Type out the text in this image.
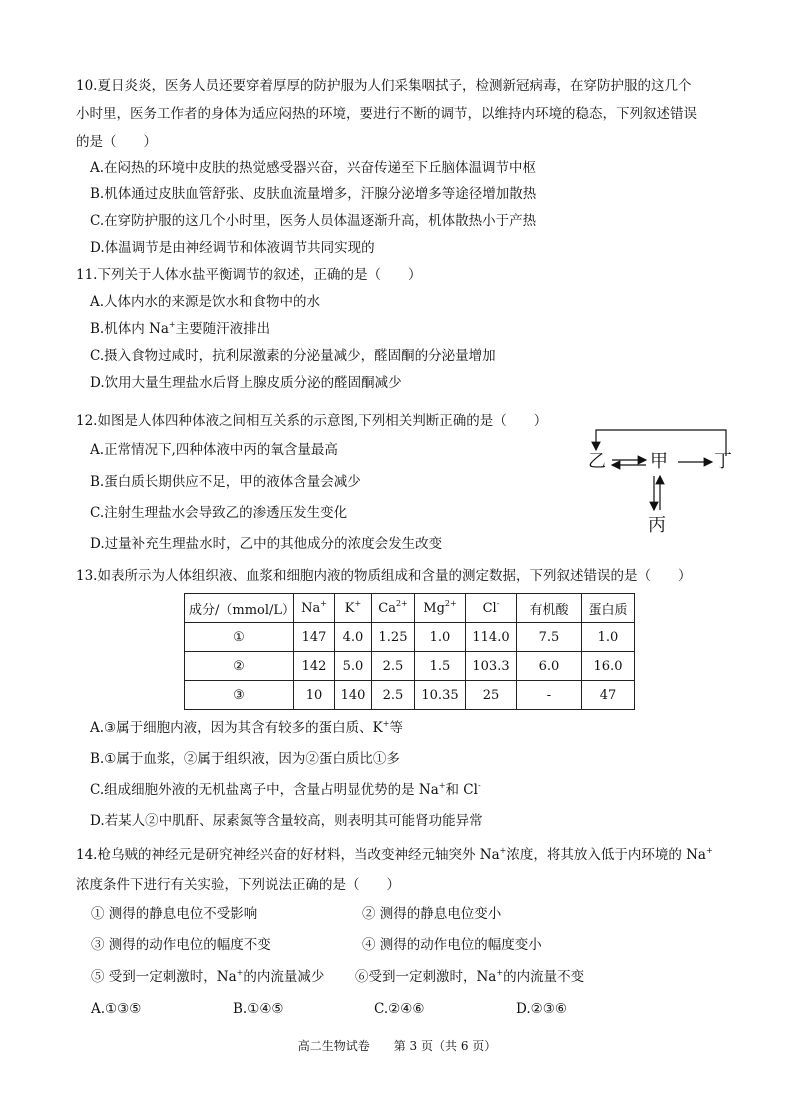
10.夏日炎炎，医务人员还要穿着厚厚的防护服为人们采集咽拭子，检测新冠病毒，在穿防护服的这几个
小时里，医务工作者的身体为适应闷热的环境，要进行不断的调节，以维持内环境的稳态，下列叙述错误
的是（　　）
A.在闷热的环境中皮肤的热觉感受器兴奋，兴奋传递至下丘脑体温调节中枢
B.机体通过皮肤血管舒张、皮肤血流量增多，汗腺分泌增多等途径增加散热
C.在穿防护服的这几个小时里，医务人员体温逐渐升高，机体散热小于产热
D.体温调节是由神经调节和体液调节共同实现的
11.下列关于人体水盐平衡调节的叙述，正确的是（　　）
A.人体内水的来源是饮水和食物中的水
B.机体内 Na+主要随汗液排出
C.摄入食物过咸时，抗利尿激素的分泌量减少，醛固酮的分泌量增加
D.饮用大量生理盐水后肾上腺皮质分泌的醛固酮减少
12.如图是人体四种体液之间相互关系的示意图,下列相关判断正确的是（　　）
A.正常情况下,四种体液中丙的氧含量最高
B.蛋白质长期供应不足，甲的液体含量会减少
C.注射生理盐水会导致乙的渗透压发生变化
D.过量补充生理盐水时，乙中的其他成分的浓度会发生改变
乙 甲	丁
丙
13.如表所示为人体组织液、血浆和细胞内液的物质组成和含量的测定数据，下列叙述错误的是（　　）
成分/（mmol/L）	Na+	K+	$Ca^{2+}$	$Mg^{2+}$	Cl-	有机酸	蛋白质
①	147	4.0	1.25	1.0	114.0	7.5	1.0
②	142	5.0	2.5	1.5	103.3	6.0	16.0
③	10	140	2.5	10.35	25	-	47
A.③属于细胞内液，因为其含有较多的蛋白质、K+等
B.①属于血浆，②属于组织液，因为②蛋白质比①多
C.组成细胞外液的无机盐离子中，含量占明显优势的是 Na+和 Cl-
D.若某人②中肌酐、尿素氮等含量较高，则表明其可能肾功能异常
14.枪乌贼的神经元是研究神经兴奋的好材料，当改变神经元轴突外 Na+浓度，将其放入低于内环境的 Na+
浓度条件下进行有关实验，下列说法正确的是（　　）
① 测得的静息电位不受影响	② 测得的静息电位变小
③ 测得的动作电位的幅度不变	④ 测得的动作电位的幅度变小
⑤ 受到一定刺激时，Na+的内流量减少 ⑥受到一定刺激时，Na+的内流量不变
A.①③⑤	B.①④⑤	C.②④⑥	D.②③⑥
高二生物试卷　　第 3 页（共 6 页）
